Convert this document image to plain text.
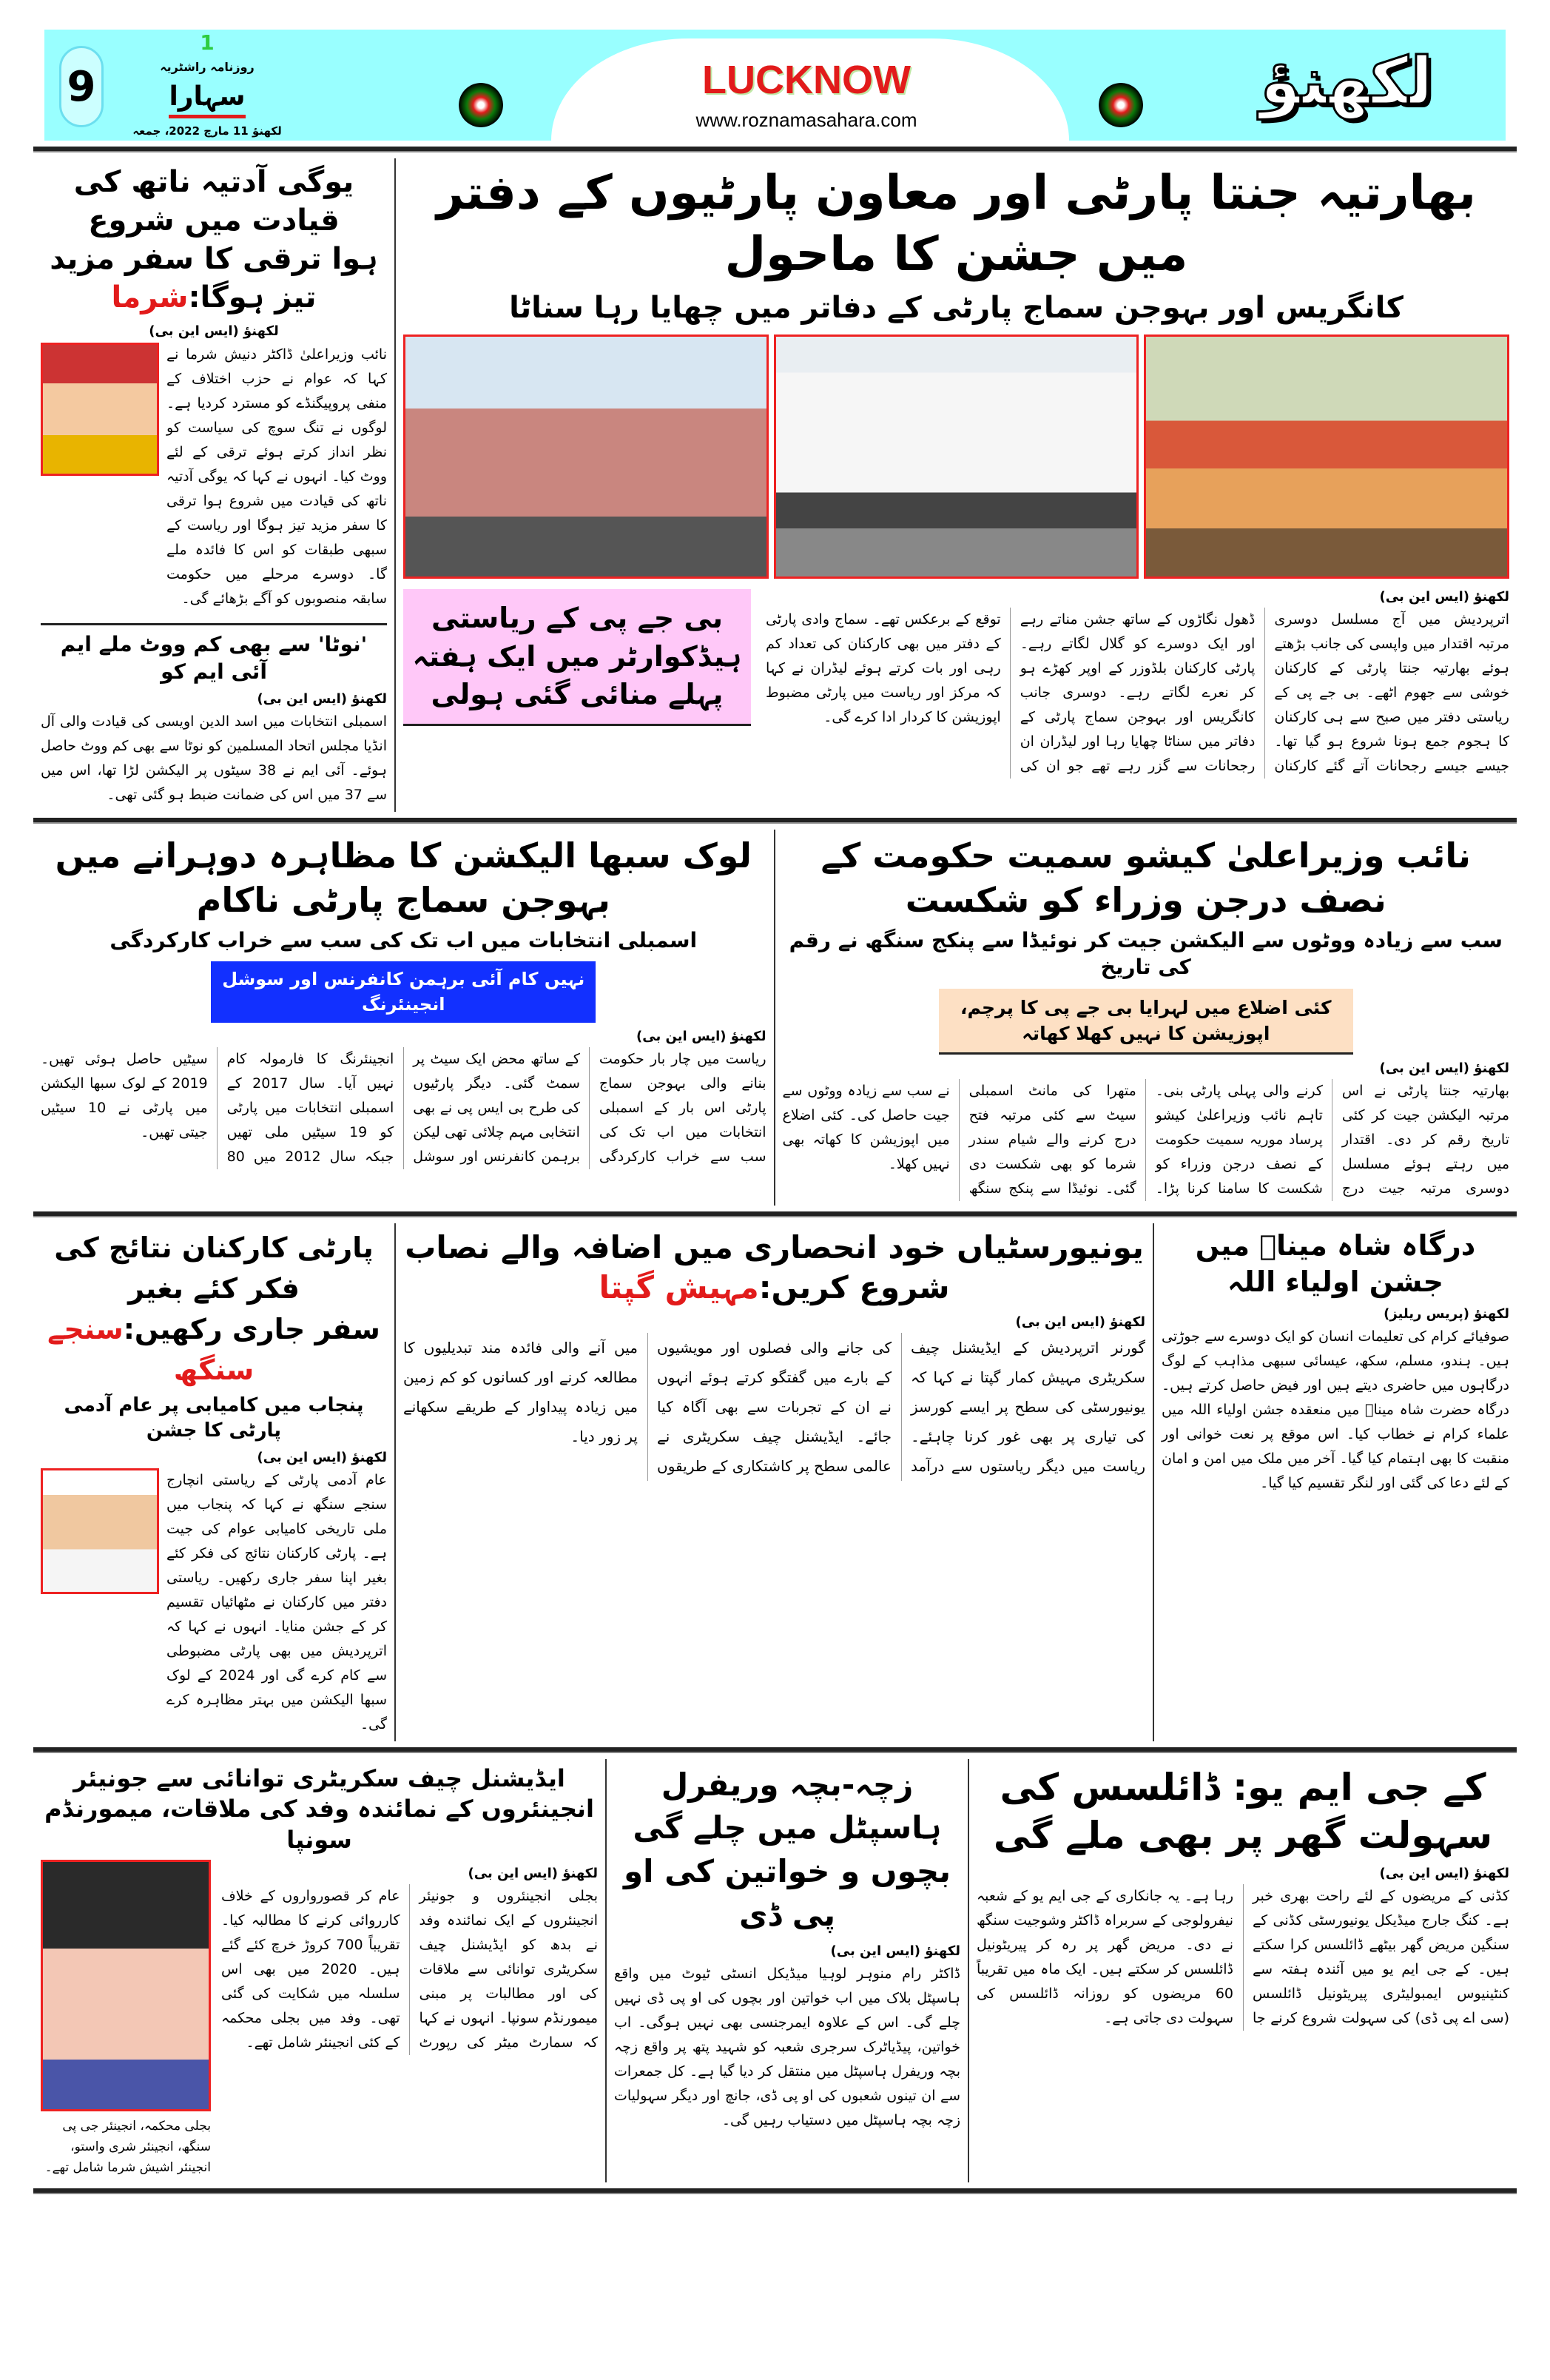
9
1
روزنامہ راشٹریہ
سہارا
لکھنؤ 11 مارچ 2022، جمعہ
LUCKNOW
www.roznamasahara.com
لکھنؤ
بھارتیہ جنتا پارٹی اور معاون پارٹیوں کے دفتر میں جشن کا ماحول
کانگریس اور بہوجن سماج پارٹی کے دفاتر میں چھایا رہا سناٹا
لکھنؤ (ایس این بی)
اترپردیش میں آج مسلسل دوسری مرتبہ اقتدار میں واپسی کی جانب بڑھتے ہوئے بھارتیہ جنتا پارٹی کے کارکنان خوشی سے جھوم اٹھے۔ بی جے پی کے ریاستی دفتر میں صبح سے ہی کارکنان کا ہجوم جمع ہونا شروع ہو گیا تھا۔ جیسے جیسے رجحانات آتے گئے کارکنان ڈھول نگاڑوں کے ساتھ جشن مناتے رہے اور ایک دوسرے کو گلال لگاتے رہے۔ پارٹی کارکنان بلڈوزر کے اوپر کھڑے ہو کر نعرے لگاتے رہے۔ دوسری جانب کانگریس اور بہوجن سماج پارٹی کے دفاتر میں سناٹا چھایا رہا اور لیڈران ان رجحانات سے گزر رہے تھے جو ان کی توقع کے برعکس تھے۔ سماج وادی پارٹی کے دفتر میں بھی کارکنان کی تعداد کم رہی اور بات کرتے ہوئے لیڈران نے کہا کہ مرکز اور ریاست میں پارٹی مضبوط اپوزیشن کا کردار ادا کرے گی۔
بی جے پی کے ریاستی ہیڈکوارٹر میں ایک ہفتہ پہلے منائی گئی ہولی
یوگی آدتیہ ناتھ کی قیادت میں شروع
ہوا ترقی کا سفر مزید تیز ہوگا:شرما
لکھنؤ (ایس این بی)
نائب وزیراعلیٰ ڈاکٹر دنیش شرما نے کہا کہ عوام نے حزب اختلاف کے منفی پروپیگنڈے کو مسترد کردیا ہے۔ لوگوں نے تنگ سوچ کی سیاست کو نظر انداز کرتے ہوئے ترقی کے لئے ووٹ کیا۔ انہوں نے کہا کہ یوگی آدتیہ ناتھ کی قیادت میں شروع ہوا ترقی کا سفر مزید تیز ہوگا اور ریاست کے سبھی طبقات کو اس کا فائدہ ملے گا۔ دوسرے مرحلے میں حکومت سابقہ منصوبوں کو آگے بڑھائے گی۔
'نوٹا' سے بھی کم ووٹ ملے ایم آئی ایم کو
لکھنؤ (ایس این بی)
اسمبلی انتخابات میں اسد الدین اویسی کی قیادت والی آل انڈیا مجلس اتحاد المسلمین کو نوٹا سے بھی کم ووٹ حاصل ہوئے۔ آئی ایم نے 38 سیٹوں پر الیکشن لڑا تھا، اس میں سے 37 میں اس کی ضمانت ضبط ہو گئی تھی۔
نائب وزیراعلیٰ کیشو سمیت حکومت کے نصف درجن وزراء کو شکست
سب سے زیادہ ووٹوں سے الیکشن جیت کر نوئیڈا سے پنکج سنگھ نے رقم کی تاریخ
کئی اضلاع میں لہرایا بی جے پی کا پرچم، اپوزیشن کا نہیں کھلا کھاتہ
لکھنؤ (ایس این بی)
بھارتیہ جنتا پارٹی نے اس مرتبہ الیکشن جیت کر کئی تاریخ رقم کر دی۔ اقتدار میں رہتے ہوئے مسلسل دوسری مرتبہ جیت درج کرنے والی پہلی پارٹی بنی۔ تاہم نائب وزیراعلیٰ کیشو پرساد موریہ سمیت حکومت کے نصف درجن وزراء کو شکست کا سامنا کرنا پڑا۔ متھرا کی مانٹ اسمبلی سیٹ سے کئی مرتبہ فتح درج کرنے والے شیام سندر شرما کو بھی شکست دی گئی۔ نوئیڈا سے پنکج سنگھ نے سب سے زیادہ ووٹوں سے جیت حاصل کی۔ کئی اضلاع میں اپوزیشن کا کھاتہ بھی نہیں کھلا۔
لوک سبھا الیکشن کا مظاہرہ دوہرانے میں بہوجن سماج پارٹی ناکام
اسمبلی انتخابات میں اب تک کی سب سے خراب کارکردگی
نہیں کام آئی برہمن کانفرنس اور سوشل انجینئرنگ
لکھنؤ (ایس این بی)
ریاست میں چار بار حکومت بنانے والی بہوجن سماج پارٹی اس بار کے اسمبلی انتخابات میں اب تک کی سب سے خراب کارکردگی کے ساتھ محض ایک سیٹ پر سمٹ گئی۔ دیگر پارٹیوں کی طرح بی ایس پی نے بھی انتخابی مہم چلائی تھی لیکن برہمن کانفرنس اور سوشل انجینئرنگ کا فارمولہ کام نہیں آیا۔ سال 2017 کے اسمبلی انتخابات میں پارٹی کو 19 سیٹیں ملی تھیں جبکہ سال 2012 میں 80 سیٹیں حاصل ہوئی تھیں۔ 2019 کے لوک سبھا الیکشن میں پارٹی نے 10 سیٹیں جیتی تھیں۔
درگاہ شاہ میناؒ میں جشن اولیاء اللہ
لکھنؤ (پریس ریلیز)
صوفیائے کرام کی تعلیمات انسان کو ایک دوسرے سے جوڑتی ہیں۔ ہندو، مسلم، سکھ، عیسائی سبھی مذاہب کے لوگ درگاہوں میں حاضری دیتے ہیں اور فیض حاصل کرتے ہیں۔ درگاہ حضرت شاہ میناؒ میں منعقدہ جشن اولیاء اللہ میں علماء کرام نے خطاب کیا۔ اس موقع پر نعت خوانی اور منقبت کا بھی اہتمام کیا گیا۔ آخر میں ملک میں امن و امان کے لئے دعا کی گئی اور لنگر تقسیم کیا گیا۔
یونیورسٹیاں خود انحصاری میں اضافہ والے نصاب شروع کریں:مہیش گپتا
لکھنؤ (ایس این بی)
گورنر اترپردیش کے ایڈیشنل چیف سکریٹری مہیش کمار گپتا نے کہا کہ یونیورسٹی کی سطح پر ایسے کورسز کی تیاری پر بھی غور کرنا چاہئے۔ ریاست میں دیگر ریاستوں سے درآمد کی جانے والی فصلوں اور مویشیوں کے بارے میں گفتگو کرتے ہوئے انہوں نے ان کے تجربات سے بھی آگاہ کیا جائے۔ ایڈیشنل چیف سکریٹری نے عالمی سطح پر کاشتکاری کے طریقوں میں آنے والی فائدہ مند تبدیلیوں کا مطالعہ کرنے اور کسانوں کو کم زمین میں زیادہ پیداوار کے طریقے سکھانے پر زور دیا۔
پارٹی کارکنان نتائج کی فکر کئے بغیر
سفر جاری رکھیں:سنجے سنگھ
پنجاب میں کامیابی پر عام آدمی پارٹی کا جشن
لکھنؤ (ایس این بی)
عام آدمی پارٹی کے ریاستی انچارج سنجے سنگھ نے کہا کہ پنجاب میں ملی تاریخی کامیابی عوام کی جیت ہے۔ پارٹی کارکنان نتائج کی فکر کئے بغیر اپنا سفر جاری رکھیں۔ ریاستی دفتر میں کارکنان نے مٹھائیاں تقسیم کر کے جشن منایا۔ انہوں نے کہا کہ اترپردیش میں بھی پارٹی مضبوطی سے کام کرے گی اور 2024 کے لوک سبھا الیکشن میں بہتر مظاہرہ کرے گی۔
کے جی ایم یو: ڈائلسس کی سہولت گھر پر بھی ملے گی
لکھنؤ (ایس این بی)
کڈنی کے مریضوں کے لئے راحت بھری خبر ہے۔ کنگ جارج میڈیکل یونیورسٹی کڈنی کے سنگین مریض گھر بیٹھے ڈائلسس کرا سکتے ہیں۔ کے جی ایم یو میں آئندہ ہفتہ سے کنٹینیوس ایمبولیٹری پیریٹونیل ڈائلسس (سی اے پی ڈی) کی سہولت شروع کرنے جا رہا ہے۔ یہ جانکاری کے جی ایم یو کے شعبہ نیفرولوجی کے سربراہ ڈاکٹر وشوجیت سنگھ نے دی۔ مریض گھر پر رہ کر پیریٹونیل ڈائلسس کر سکتے ہیں۔ ایک ماہ میں تقریباً 60 مریضوں کو روزانہ ڈائلسس کی سہولت دی جاتی ہے۔
زچہ-بچہ وریفرل ہاسپٹل میں چلے گی بچوں و خواتین کی او پی ڈی
لکھنؤ (ایس این بی)
ڈاکٹر رام منوہر لوہیا میڈیکل انسٹی ٹیوٹ میں واقع ہاسپٹل بلاک میں اب خواتین اور بچوں کی او پی ڈی نہیں چلے گی۔ اس کے علاوہ ایمرجنسی بھی نہیں ہوگی۔ اب خواتین، پیڈیاٹرک سرجری شعبہ کو شہید پتھ پر واقع زچہ بچہ وریفرل ہاسپٹل میں منتقل کر دیا گیا ہے۔ کل جمعرات سے ان تینوں شعبوں کی او پی ڈی، جانچ اور دیگر سہولیات زچہ بچہ ہاسپٹل میں دستیاب رہیں گی۔
ایڈیشنل چیف سکریٹری توانائی سے جونیئر انجینئروں کے نمائندہ وفد کی ملاقات، میمورنڈم سونپا
لکھنؤ (ایس این بی)
بجلی انجینئروں و جونیئر انجینئروں کے ایک نمائندہ وفد نے بدھ کو ایڈیشنل چیف سکریٹری توانائی سے ملاقات کی اور مطالبات پر مبنی میمورنڈم سونپا۔ انہوں نے کہا کہ سمارٹ میٹر کی رپورٹ عام کر قصورواروں کے خلاف کارروائی کرنے کا مطالبہ کیا۔ تقریباً 700 کروڑ خرچ کئے گئے ہیں۔ 2020 میں بھی اس سلسلہ میں شکایت کی گئی تھی۔ وفد میں بجلی محکمہ کے کئی انجینئر شامل تھے۔
بجلی محکمہ، انجینئر جی پی سنگھ، انجینئر شری واستو، انجینئر اشیش شرما شامل تھے۔
